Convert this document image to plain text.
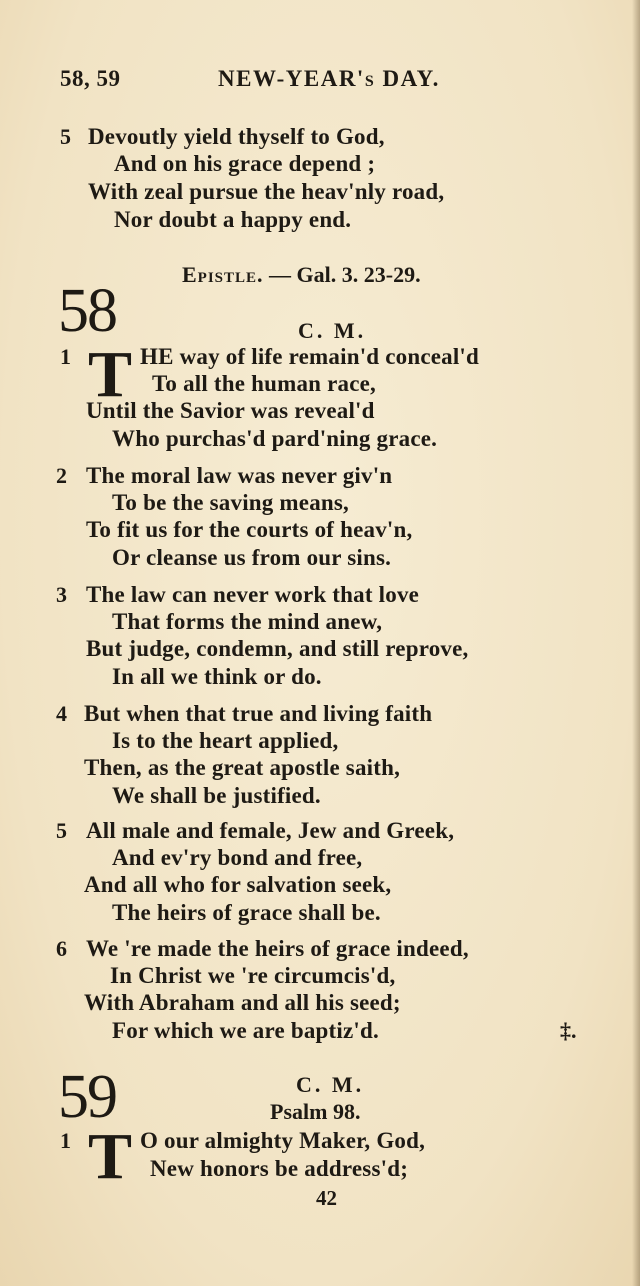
58, 59	NEW-YEAR's DAY.
5 Devoutly yield thyself to God,
And on his grace depend ;
With zeal pursue the heav'nly road,
Nor doubt a happy end.
Epistle. — Gal. 3. 23-29.
58	C. M.
1 T HE way of life remain'd conceal'd
To all the human race,
Until the Savior was reveal'd
Who purchas'd pard'ning grace.
2 The moral law was never giv'n
To be the saving means,
To fit us for the courts of heav'n,
Or cleanse us from our sins.
3 The law can never work that love
That forms the mind anew,
But judge, condemn, and still reprove,
In all we think or do.
4 But when that true and living faith
Is to the heart applied,
Then, as the great apostle saith,
We shall be justified.
5 All male and female, Jew and Greek,
And ev'ry bond and free,
And all who for salvation seek,
The heirs of grace shall be.
6 We 're made the heirs of grace indeed,
In Christ we 're circumcis'd,
With Abraham and all his seed;
For which we are baptiz'd.	‡.
59	C. M.
Psalm 98.
1 T O our almighty Maker, God,
New honors be address'd;
42
